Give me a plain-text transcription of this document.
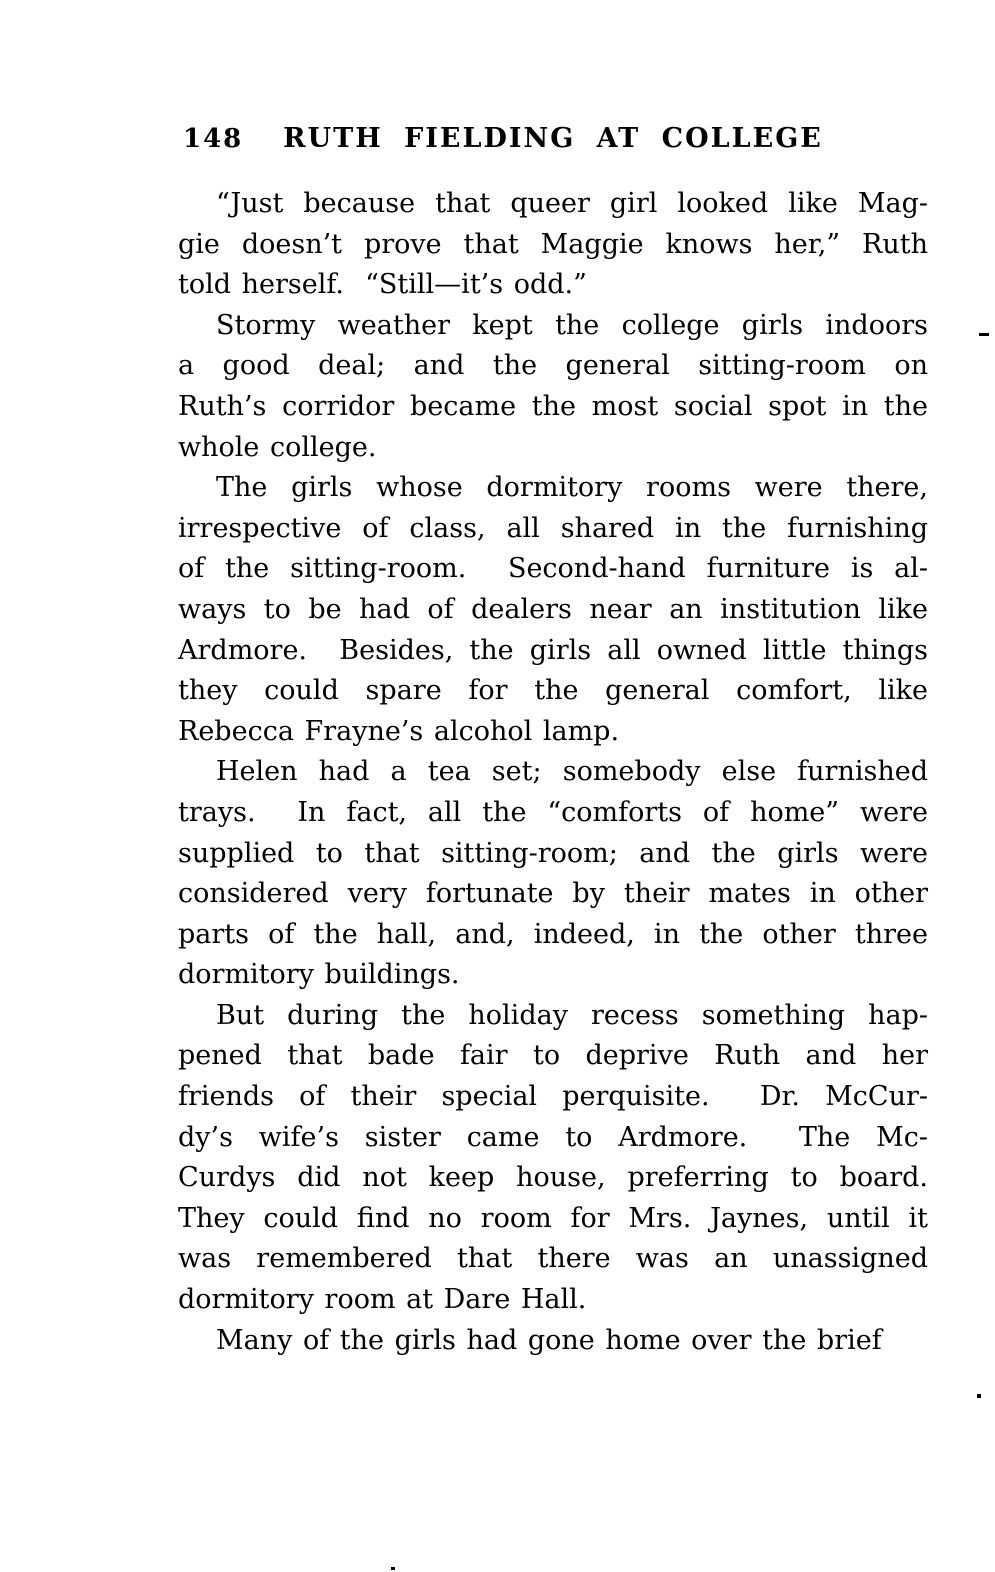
148	RUTH FIELDING AT COLLEGE
“Just because that queer girl looked like Mag-
gie doesn’t prove that Maggie knows her,” Ruth
told herself.  “Still—it’s odd.”
Stormy weather kept the college girls indoors
a good deal; and the general sitting-room on
Ruth’s corridor became the most social spot in the
whole college.
The girls whose dormitory rooms were there,
irrespective of class, all shared in the furnishing
of the sitting-room.  Second-hand furniture is al-
ways to be had of dealers near an institution like
Ardmore.  Besides, the girls all owned little things
they could spare for the general comfort, like
Rebecca Frayne’s alcohol lamp.
Helen had a tea set; somebody else furnished
trays.  In fact, all the “comforts of home” were
supplied to that sitting-room; and the girls were
considered very fortunate by their mates in other
parts of the hall, and, indeed, in the other three
dormitory buildings.
But during the holiday recess something hap-
pened that bade fair to deprive Ruth and her
friends of their special perquisite.  Dr. McCur-
dy’s wife’s sister came to Ardmore.  The Mc-
Curdys did not keep house, preferring to board.
They could find no room for Mrs. Jaynes, until it
was remembered that there was an unassigned
dormitory room at Dare Hall.
Many of the girls had gone home over the brief
